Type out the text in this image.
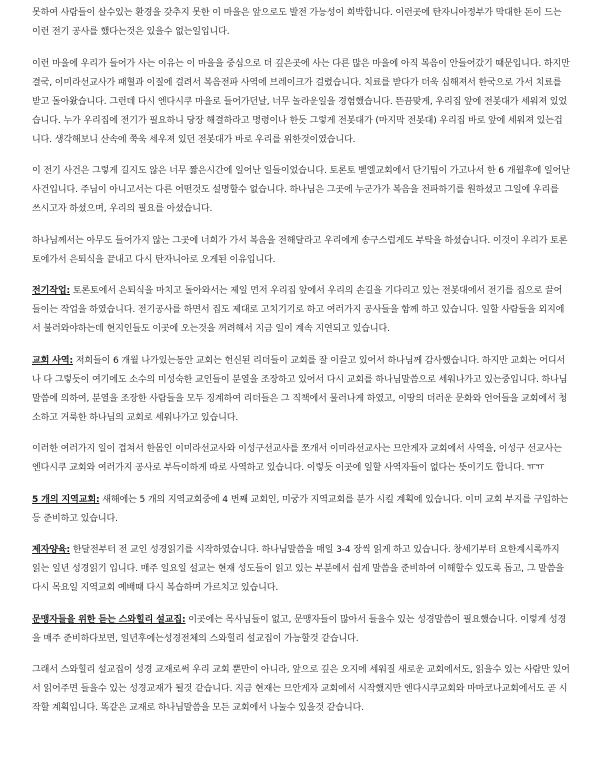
못하여 사람들이 살수있는 환경을 갖추지 못한 이 마을은 앞으로도 발전 가능성이 희박합니다. 이런곳에 탄자니아정부가 막대한 돈이 드는 이런 전기 공사를 했다는것은 있을수 없는일입니다.

이런 마을에 우리가 들어가 사는 이유는 이 마을을 중심으로 더 깊은곳에 사는 다른 많은 마을에 아직 복음이 안들어갔기 때문입니다. 하지만 결국, 이미라선교사가 패혈과 이질에 걸려서 복음전파 사역에 브레이크가 걸렸습니다. 치료를 받다가 더욱 심해져서 한국으로 가서 치료를 받고 돌아왔습니다. 그런데 다시 엔다시쿠 마을로 들어가던날, 너무 놀라운일을 경험했습니다. 뜬끔맞게, 우리집 앞에 전봇대가 세워져 있었습니다. 누가 우리집에 전기가 필요하니 당장 해결하라고 명령이나 한듯 그렇게 전봇대가 (마지막 전봇대) 우리집 바로 앞에 세워져 있는겁니다. 생각해보니 산속에 쭉욱 세우져 있던 전봇대가 바로 우리를 위한것이였습니다.

이 전기 사건은 그렇게 길지도 않은 너무 짧은시간에 일어난 일들이었습니다. 토론토 벧엘교회에서 단기팀이 가고나서 한 6 개월후에 일어난 사건입니다. 주님이 아니고서는 다른 어떤것도 설명할수 없습니다. 하나님은 그곳에 누군가가 복음을 전파하기를 원하셨고 그일에 우리를 쓰시고자 하셨으며, 우리의 필요를 아셨습니다.

하나님께서는 아무도 들어가지 않는 그곳에 너희가 가서 복음을 전해달라고 우리에게 송구스럽게도 부탁을 하셨습니다. 이것이 우리가 토론토에가서 은퇴식을 끝내고 다시 탄자니아로 오게된 이유입니다.

전기작업: 토론토에서 은퇴식을 마치고 돌아와서는 제일 먼저 우리집 앞에서 우리의 손길을 기다리고 있는 전봇대에서 전기를 집으로 끌어들이는 작업을 하였습니다. 전기공사를 하면서 집도 제대로 고치기기로 하고 여러가지 공사들을 함께 하고 있습니다. 일할 사람들을 외지에서 불러와야하는데 현지인들도 이곳에 오는것을 꺼려해서 지금 일이 계속 지연되고 있습니다.

교회 사역: 저희들이 6 개월 나가있는동안 교회는 헌신된 리더들이 교회를 잘 이끌고 있어서 하나님께 감사했습니다. 하지만 교회는 어디서나 다 그렇듯이 여기에도 소수의 미성숙한 교인들이 분열을 조장하고 있어서 다시 교회를 하나님말씀으로 세워나가고 있는중입니다. 하나님말씀에 의하여, 분열을 조장한 사람들을 모두 징계하여 리더들은 그 직책에서 물러나게 하였고, 이땅의 더러운 문화와 언어들을 교회에서 청소하고 거룩한 하나님의 교회로 세워나가고 있습니다.

이러한 여러가지 일이 겹쳐서 한몸인 이미라선교사와 이성구선교사를 쪼개서 이미라선교사는 므안게자 교회에서 사역을, 이성구 선교사는 엔다시쿠 교회와 여러가지 공사로 부득이하게 따로 사역하고 있습니다. 이렇듯 이곳에 일할 사역자들이 없다는 뜻이기도 합니다. ㅠㅠ

5 개의 지역교회: 새해에는 5 개의 지역교회중에 4 번째 교회인, 미궁가 지역교회를 분가 시킬 계획에 있습니다. 이미 교회 부지를 구입하는등 준비하고 있습니다.

제자양육: 한달전부터 전 교인 성경읽기를 시작하였습니다. 하나님말씀을 매일 3-4 장씩 읽게 하고 있습니다. 창세기부터 요한계시록까지 읽는 일년 성경읽기 입니다. 매주 일요일 설교는 현재 성도들이 읽고 있는 부분에서 쉽게 말씀을 준비하여 이해할수 있도록 돕고, 그 말씀을 다시 목요일 지역교회 예배때 다시 복습하며 가르치고 있습니다.

문맹자들을 위한 듣는 스와힐리 설교집: 이곳에는 목사님들이 없고, 문맹자들이 많아서 들을수 있는 성경말씀이 필요했습니다. 이렇게 성경을 매주 준비하다보면, 일년후에는성경전체의 스와힐리 설교집이 가능할것 같습니다.

그래서 스와힐리 설교집이 성경 교재로써 우리 교회 뿐만이 아니라, 앞으로 깊은 오지에 세워질 새로운 교회에서도, 읽을수 있는 사람만 있어서 읽어주면 들을수 있는 성경교재가 될것 같습니다. 지금 현재는 므안게자 교회에서 시작했지만 엔다시쿠교회와 마마코나교회에서도 곧 시작할 계획입니다. 똑같은 교재로 하나님말씀을 모든 교회에서 나눌수 있을것 같습니다.
